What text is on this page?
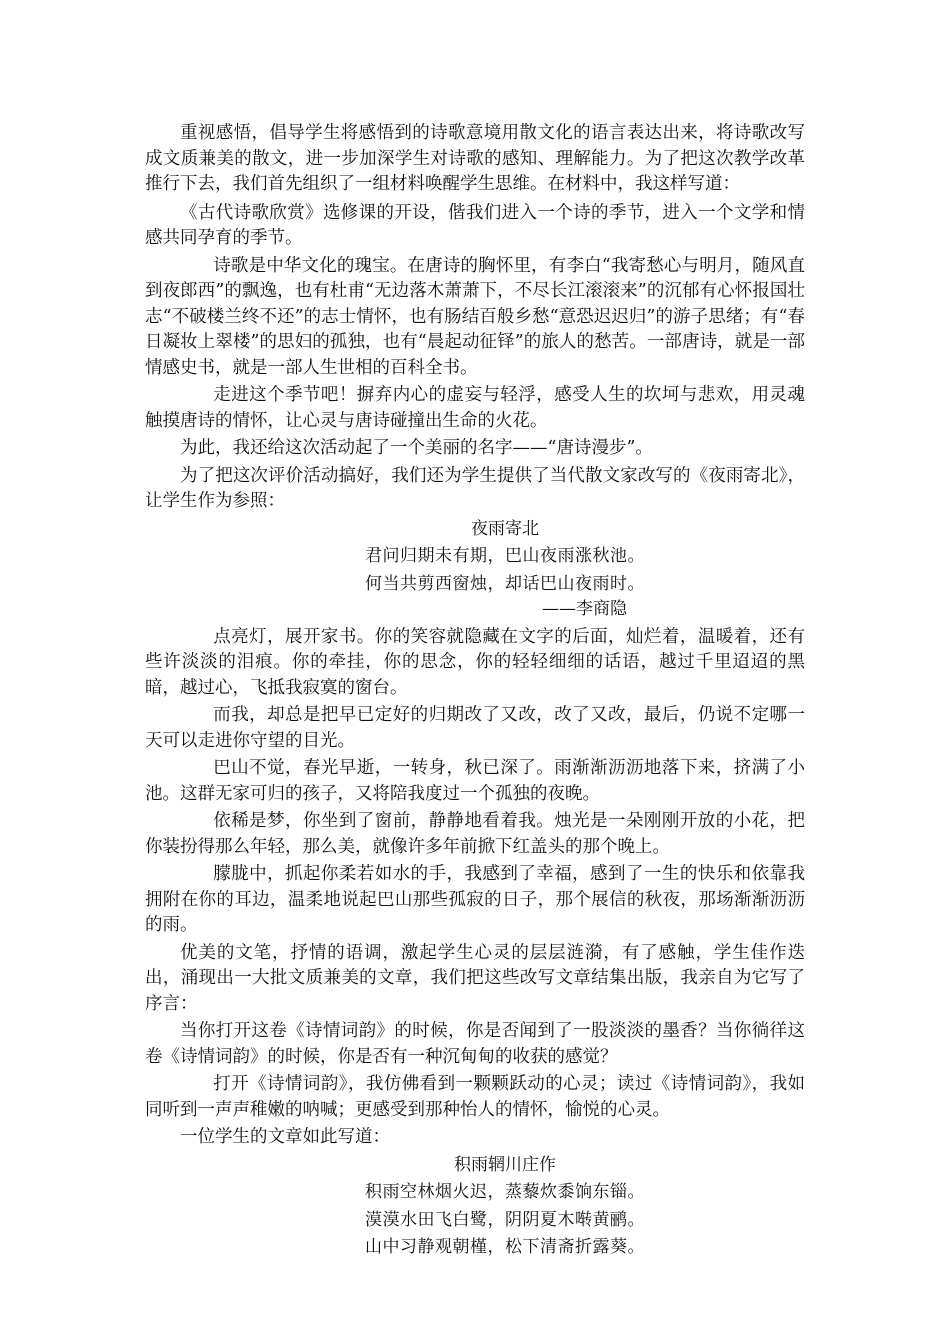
重视感悟，倡导学生将感悟到的诗歌意境用散文化的语言表达出来，将诗歌改写成文质兼美的散文，进一步加深学生对诗歌的感知、理解能力。为了把这次教学改革推行下去，我们首先组织了一组材料唤醒学生思维。在材料中，我这样写道：

《古代诗歌欣赏》选修课的开设，偕我们进入一个诗的季节，进入一个文学和情感共同孕育的季节。

诗歌是中华文化的瑰宝。在唐诗的胸怀里，有李白“我寄愁心与明月，随风直到夜郎西”的飘逸，也有杜甫“无边落木萧萧下，不尽长江滚滚来”的沉郁有心怀报国壮志“不破楼兰终不还”的志士情怀，也有肠结百般乡愁“意恐迟迟归”的游子思绪；有“春日凝妆上翠楼”的思妇的孤独，也有“晨起动征铎”的旅人的愁苦。一部唐诗，就是一部情感史书，就是一部人生世相的百科全书。

走进这个季节吧！摒弃内心的虚妄与轻浮，感受人生的坎坷与悲欢，用灵魂触摸唐诗的情怀，让心灵与唐诗碰撞出生命的火花。

为此，我还给这次活动起了一个美丽的名字——“唐诗漫步”。

为了把这次评价活动搞好，我们还为学生提供了当代散文家改写的《夜雨寄北》，让学生作为参照：

夜雨寄北

君问归期未有期，巴山夜雨涨秋池。

何当共剪西窗烛，却话巴山夜雨时。

——李商隐

点亮灯，展开家书。你的笑容就隐藏在文字的后面，灿烂着，温暖着，还有些许淡淡的泪痕。你的牵挂，你的思念，你的轻轻细细的话语，越过千里迢迢的黑暗，越过心，飞抵我寂寞的窗台。

而我，却总是把早已定好的归期改了又改，改了又改，最后，仍说不定哪一天可以走进你守望的目光。

巴山不觉，春光早逝，一转身，秋已深了。雨渐渐沥沥地落下来，挤满了小池。这群无家可归的孩子，又将陪我度过一个孤独的夜晚。

依稀是梦，你坐到了窗前，静静地看着我。烛光是一朵刚刚开放的小花，把你装扮得那么年轻，那么美，就像许多年前掀下红盖头的那个晚上。

朦胧中，抓起你柔若如水的手，我感到了幸福，感到了一生的快乐和依靠我拥附在你的耳边，温柔地说起巴山那些孤寂的日子，那个展信的秋夜，那场渐渐沥沥的雨。

优美的文笔，抒情的语调，激起学生心灵的层层涟漪，有了感触，学生佳作迭出，涌现出一大批文质兼美的文章，我们把这些改写文章结集出版，我亲自为它写了序言：

当你打开这卷《诗情词韵》的时候，你是否闻到了一股淡淡的墨香？当你徜徉这卷《诗情词韵》的时候，你是否有一种沉甸甸的收获的感觉？

打开《诗情词韵》，我仿佛看到一颗颗跃动的心灵；读过《诗情词韵》，我如同听到一声声稚嫩的呐喊；更感受到那种怡人的情怀，愉悦的心灵。

一位学生的文章如此写道：

积雨辋川庄作

积雨空林烟火迟，蒸藜炊黍饷东锱。

漠漠水田飞白鹭，阴阴夏木啭黄鹂。

山中习静观朝槿，松下清斋折露葵。
